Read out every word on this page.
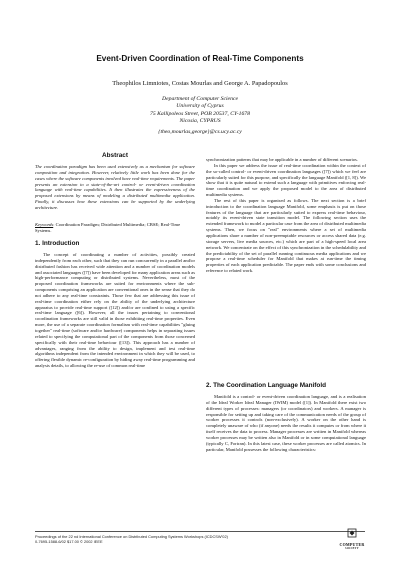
Event-Driven Coordination of Real-Time Components
Theophilos Limniotes, Costas Mourlas and George A. Papadopoulos
Department of Computer Science
University of Cyprus
75 Kallipoleos Street, POB 20537, CY-1678
Nicosia, CYPRUS
{theo,mourlas,george}@cs.ucy.ac.cy
Abstract
The coordination paradigm has been used extensively as a mechanism for software composition and integration. However, relatively little work has been done for the cases where the software components involved have real-time requirements. The paper presents an extension to a state-of-the-art control- or event-driven coordination language with real-time capabilities. It then illustrates the expressiveness of the proposed extensions by means of modeling a distributed multimedia application. Finally, it discusses how these extensions can be supported by the underlying architecture.
Keywords: Coordination Paradigm; Distributed Multimedia; CBSE; Real-Time Systems.
1. Introduction

The concept of coordinating a number of activities, possibly created independently from each other, such that they can run concurrently in a parallel and/or distributed fashion has received wide attention and a number of coordination models and associated languages ([7]) have been developed for many application areas such as high-performance computing or distributed systems. Nevertheless, most of the proposed coordination frameworks are suited for environments where the sub-components comprising an application are conventional ones in the sense that they do not adhere to any real-time constraints. Those few that are addressing this issue of real-time coordination either rely on the ability of the underlying architecture apparatus to provide real-time support ([12]) and/or are confined to using a specific real-time language ([6]). However, all the issues pertaining to conventional coordination frameworks are still valid in those exhibiting real-time properties. Even more, the use of a separate coordination formalism with real-time capabilities "gluing together" real-time (software and/or hardware) components helps in separating issues related to specifying the computational part of the components from those concerned specifically with their real-time behaviour ([13]). This approach has a number of advantages, ranging from the ability to design, implement and test real-time algorithms independent from the intended environment in which they will be used, to offering flexible dynamic re-configuration by hiding away real-time programming and analysis details, to allowing the re-use of common real-time

synchronization patterns that may be applicable in a number of different scenarios.

In this paper we address the issue of real-time coordination within the context of the so-called control- or event-driven coordination languages ([7]) which we feel are particularly suited for this purpose, and specifically the language Manifold ([1, 8]). We show that it is quite natural to extend such a language with primitives enforcing real-time coordination and we apply the proposed model to the area of distributed multimedia systems.

The rest of this paper is organised as follows. The next section is a brief introduction to the coordination language Manifold, some emphasis is put on those features of the language that are particularly suited to express real-time behaviour, notably its event-driven state transition model. The following section uses the extended framework to model a particular case from the area of distributed multimedia systems. Then, we focus on "real" environments where a set of multimedia applications share a number of non-preemptable resources or access shared data (e.g. storage servers, live media sources, etc.) which are part of a high-speed local area network. We concentrate on the effect of this synchronization in the schedulability and the predictability of the set of parallel running continuous media applications and we propose a real-time scheduler for Manifold that makes at run-time the timing properties of each application predictable. The paper ends with some conclusions and reference to related work.

2. The Coordination Language Manifold

Manifold is a control- or event-driven coordination language, and is a realisation of the Ideal Worker Ideal Manager (IWIM) model ([1]). In Manifold there exist two different types of processes: managers (or coordinators) and workers. A manager is responsible for setting up and taking care of the communication needs of the group of worker processes it controls (non-exclusively). A worker on the other hand is completely unaware of who (if anyone) needs the results it computes or from where it itself receives the data to process. Manager processes are written in Manifold whereas worker processes may be written also in Manifold or in some computational language (typically C, Fortran). In this latest case, these worker processes are called atomics. In particular, Manifold possesses the following characteristics:

Proceedings of the 22 nd International Conference on Distributed Computing Systems Workshops (ICDCSW'02)
0-7695-1588-6/02 $17.00 © 2002 IEEE
COMPUTER
SOCIETY
